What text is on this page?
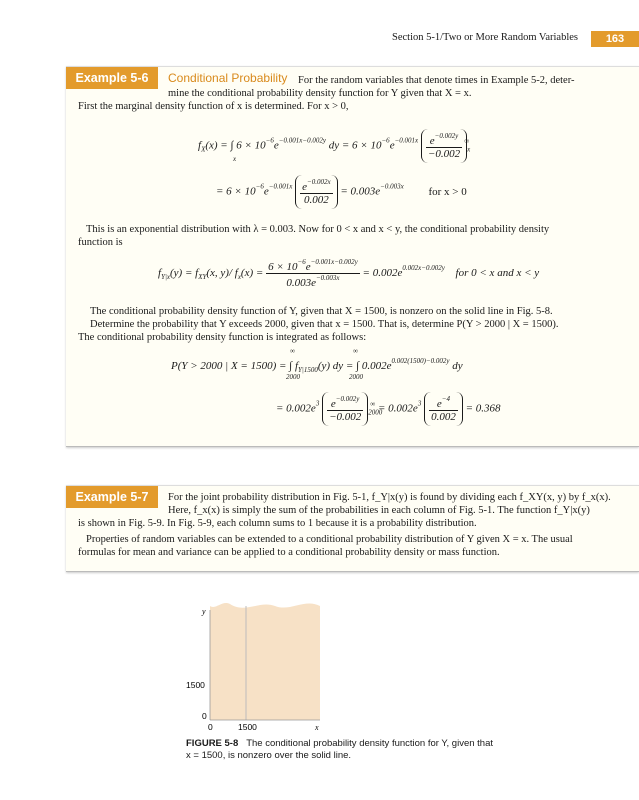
Section 5-1/Two or More Random Variables	163
Example 5-6	Conditional Probability For the random variables that denote times in Example 5-2, deter-
mine the conditional probability density function for Y given that X = x.
First the marginal density function of x is determined. For x > 0,
$f_X(x)$ = ∫ $6 \times 10^{-6}e^{-0.001x-0.002y}$ dy = $6 \times 10^{-6}e^{-0.001x} \frac{e^{-0.002y}}{-0.002} _x^\infty$
x
= $6 \times 10^{-6}e^{-0.001x} \frac{e^{-0.002x}}{0.002} = 0.003e^{-0.003x}$ for x > 0
This is an exponential distribution with λ = 0.003. Now for 0 < x and x < y, the conditional probability density
function is
$f_{Y|x}(y) = f_{XY}(x$, y)/ $f_x(x) = \frac{6 \times 10^{-6}e^{-0.001x-0.002y}}{0.003e^{-0.003x}} = 0.002e^{0.002x-0.002y}$ for 0 < x and x < y
The conditional probability density function of Y, given that X = 1500, is nonzero on the solid line in Fig. 5-8.
Determine the probability that Y exceeds 2000, given that x = 1500. That is, determine P(Y > 2000 | X = 1500).
The conditional probability density function is integrated as follows:
P(Y > 2000 | X = 1500) = ∫ $f_{Y|1500}(y)$ dy = ∫ $0.002e^{0.002(1500)-0.002y}$ dy
2000	2000
∞	∞
= $0.002e^3 \frac{e^{-0.002y}}{-0.002} _{2000}^\infty = 0.002e^3 \frac{e^{-4}}{0.002} = 0.368$
Example 5-7	For the joint probability distribution in Fig. 5-1, f_Y|x(y) is found by dividing each f_XY(x, y) by f_x(x).
Here, f_x(x) is simply the sum of the probabilities in each column of Fig. 5-1. The function f_Y|x(y)
is shown in Fig. 5-9. In Fig. 5-9, each column sums to 1 because it is a probability distribution.
Properties of random variables can be extended to a conditional probability distribution of Y given X = x. The usual
formulas for mean and variance can be applied to a conditional probability density or mass function.
y
x
1500
0
0	1500
FIGURE 5-8 The conditional probability density function for Y, given that
x = 1500, is nonzero over the solid line.
